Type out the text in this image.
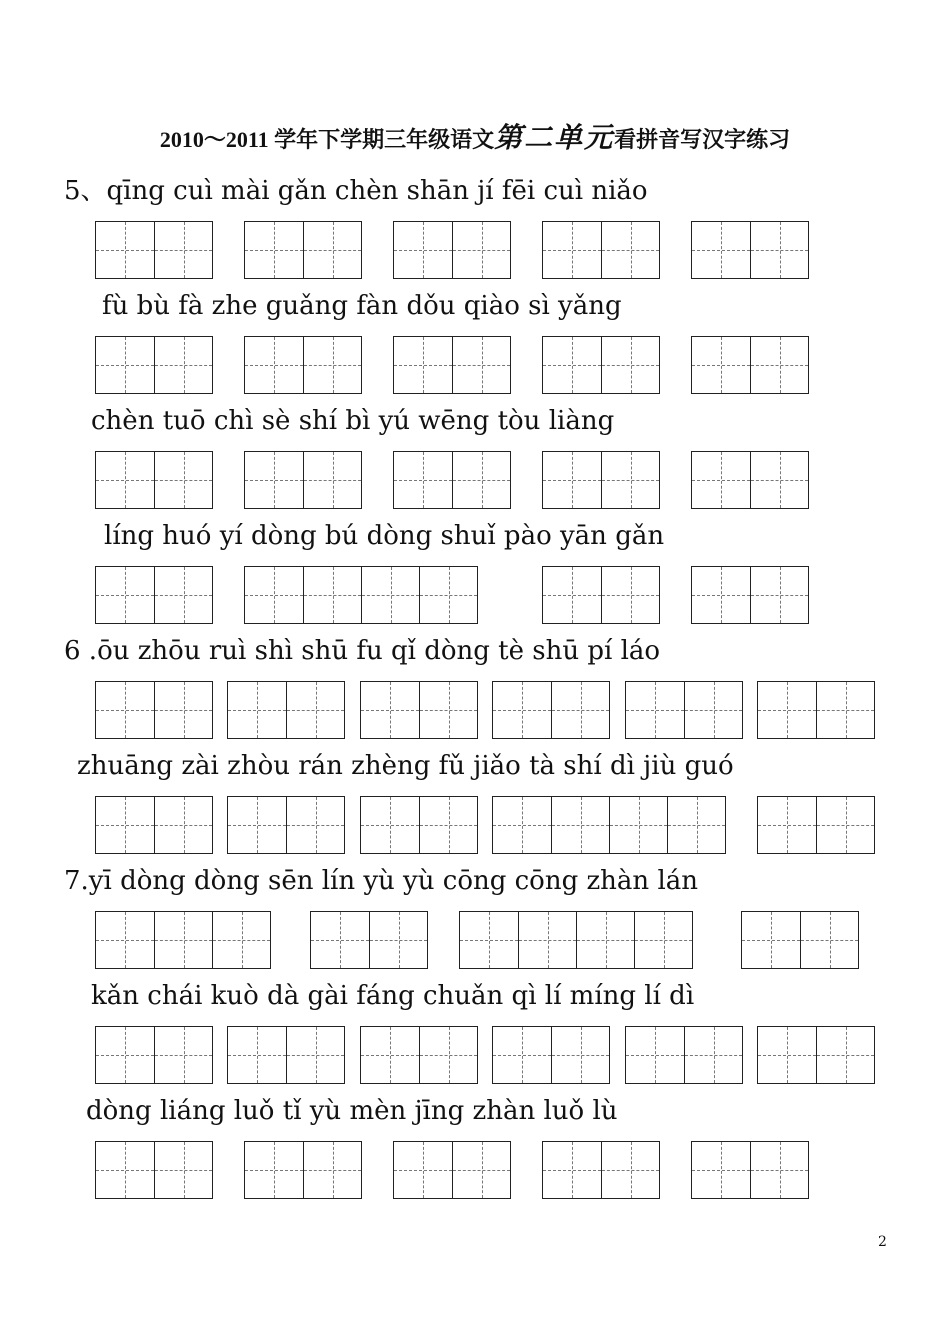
2010～2011 学年下学期三年级语文第二单元看拼音写汉字练习
5、qīng cuì mài gǎn chèn shān jí fēi cuì niǎo
fù bù fà zhe guǎng fàn dǒu qiào sì yǎng
chèn tuō chì sè shí bì yú wēng tòu liàng
líng huó yí dòng bú dòng shuǐ pào yān gǎn
6 .ōu zhōu ruì shì shū fu qǐ dòng tè shū pí láo
zhuāng zài zhòu rán zhèng fǔ jiǎo tà shí dì jiù guó
7.yī dòng dòng sēn lín yù yù cōng cōng zhàn lán
kǎn chái kuò dà gài fáng chuǎn qì lí míng lí dì
dòng liáng luǒ tǐ yù mèn jīng zhàn luǒ lù
2
